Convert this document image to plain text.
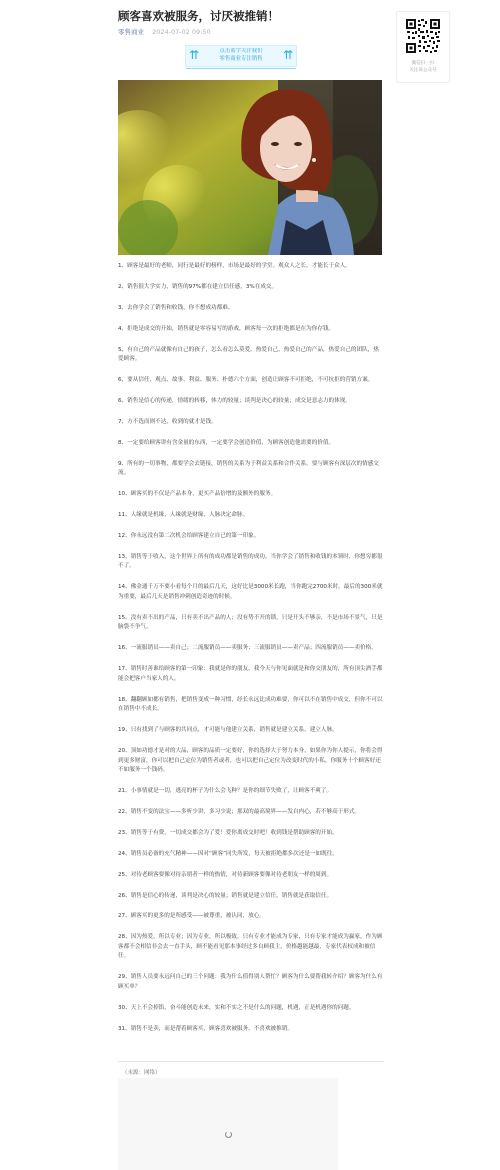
顾客喜欢被服务，讨厌被推销！
零售商业 2024-07-02 09:50
⇈	点击蓝字关注我们
零售商业专注销售	⇈
微信扫一扫
关注该公众号
1、顾客是最好的老师，同行是最好的榜样，市场是最好的学堂。观众人之长，才能长于众人。
2、销售很大学实力，销售的97%都在建立信任感，3%在成交。
3、去你学会了销售和收钱，你不想成功都难。
4、拒绝是成交的开始，销售就是零容易写的游戏，顾客每一次的拒绝都是在为你存钱。
5、有自己的产品就像有自己的孩子，怎么看怎么莫爱。热爱自己，热爱自己的产品，热爱自己的团队，热爱顾客。
6、要从信任、观点、故事、利益、服务、朴德六个方面，创造让顾客不可拒绝，不可抗拒的营销方案。
6、销售是信心的传递，情绪的转移，体力的较量；谈判是决心的较量；成交是意志力的体现。
7、方不选而则不达，收到的就才是钱。
8、一定要给顾客讲有含金量的东西，一定要学会创造价值，为顾客创造他需要的价值。
9、所有的一切事物，都要学会去链接，销售的关系为于利益关系和合作关系，要与顾客有深层次的情感交流。
10、顾客买的不仅是产品本身，更买产品倍增的及额外的服务。
11、人缘就是机缘，人缘就是财缘，人脉决定命脉。
12、你永远没有第二次机会给顾客建立自己的第一印象。
13、销售等于收入，这个世界上所有的成功都是销售的成功，当你学会了销售和收钱的本领时，你想穷都很不了。
14、佛金通千万不要小看每个月的最后几天，这好比是3000米长跑，当你跑完2700米时，最后的300米就为重要，最后几天是销售冲刺创造奇迹的时候。
15、没有卖不出的产品，只有卖不出产品的人；没有势不开的锁，只是开头不够亲，不是市场不景气，只是脑袋不争气。
16、一流服销员——卖自己；二流服销员——卖服务；三流服销员——卖产品；四流服销员——卖价格。
17、销售时善谁给顾客的第一印象：我就是你的朋友，我今天与你见面就是和你交朋友的，所有顶尖酒手都能会把客户当家人的人。
18、翻翻顾如都有销售，把销售变成一种习惯，经长永远比成功难要，你可以不在销售中成交，但你不可以在销售中不成长。
19、只有找到了与顾客的共同点，才可能与他建立关系，销售就是建立关系，建立人脉。
20、顶如功德才是对的大品，顾客的品质一定要好，你的选择大于努力本身，如果你为你人提示，你将会得到更多财富，你可以把自己定位为销售者或者，也可以把自己定位为改变时代的小私，你服务十个顾客好还不如服务一个钱码。
21、小事情就是一切，逃亮的杯子为什么会飞种？是你的细节失败了，让顾客不爽了。
22、销售不变的法宝——多听少讲，多习少说；那双的最高境界——发自内心，若不够高于形式。
23、销售等于有费，一切成交都会为了爱！爱你离成交时吧！收到钱是帮助顾客的开始。
24、销售员必备的充气精神——因对“顾客”同失所发，每天被拒绝都多次还是一如既往。
25、对待老顾客要像对待亲朋者一样的热情，对待新顾客要像对待老朋友一样的周到。
26、销售是信心的传递，谈判是决心的较量；销售就是建立信任，销售就是获取信任。
27、顾客买的更多的是所感受——被尊重，被认同，放心。
28、因为热爱，所以专业；因为专业，所以极致。只有专业才能成为专家，只有专家才能成为赢家，作为顾客都不会相信非会去一直手头，顾不能看见那本事经过多自顾我主，价格越能越最，专家代表权成和被信任。
29、销售人员要永远问自己的三个问题：我为什么值得别人帮忙？顾客为什么要帮我转介绍？顾客为什么有顾买单？
30、天上不会掉馅，奋斗能创造未来，实和不实之不是什么的问题，机遇，正是机遇你的问题。
31、销售不是卖，而是帮着顾客买，顾客喜欢被服务，不喜欢被推销。
（未源：网络）
